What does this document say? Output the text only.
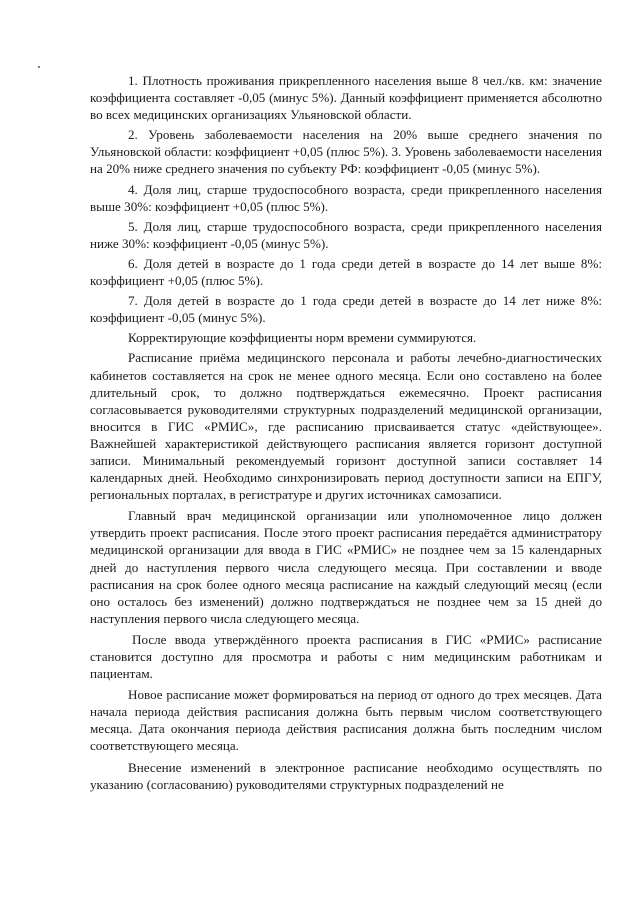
1. Плотность проживания прикрепленного населения выше 8 чел./кв. км: значение коэффициента составляет -0,05 (минус 5%). Данный коэффициент применяется абсолютно во всех медицинских организациях Ульяновской области.

2. Уровень заболеваемости населения на 20% выше среднего значения по Ульяновской области: коэффициент +0,05 (плюс 5%). 3. Уровень заболеваемости населения на 20% ниже среднего значения по субъекту РФ: коэффициент -0,05 (минус 5%).

4. Доля лиц, старше трудоспособного возраста, среди прикрепленного населения выше 30%: коэффициент +0,05 (плюс 5%).

5. Доля лиц, старше трудоспособного возраста, среди прикрепленного населения ниже 30%: коэффициент -0,05 (минус 5%).

6. Доля детей в возрасте до 1 года среди детей в возрасте до 14 лет выше 8%: коэффициент +0,05 (плюс 5%).

7. Доля детей в возрасте до 1 года среди детей в возрасте до 14 лет ниже 8%: коэффициент -0,05 (минус 5%).

Корректирующие коэффициенты норм времени суммируются.

Расписание приёма медицинского персонала и работы лечебно-диагностических кабинетов составляется на срок не менее одного месяца. Если оно составлено на более длительный срок, то должно подтверждаться ежемесячно. Проект расписания согласовывается руководителями структурных подразделений медицинской организации, вносится в ГИС «РМИС», где расписанию присваивается статус «действующее». Важнейшей характеристикой действующего расписания является горизонт доступной записи. Минимальный рекомендуемый горизонт доступной записи составляет 14 календарных дней. Необходимо синхронизировать период доступности записи на ЕПГУ, региональных порталах, в регистратуре и других источниках самозаписи.

Главный врач медицинской организации или уполномоченное лицо должен утвердить проект расписания. После этого проект расписания передаётся администратору медицинской организации для ввода в ГИС «РМИС» не позднее чем за 15 календарных дней до наступления первого числа следующего месяца. При составлении и вводе расписания на срок более одного месяца расписание на каждый следующий месяц (если оно осталось без изменений) должно подтверждаться не позднее чем за 15 дней до наступления первого числа следующего месяца.

После ввода утверждённого проекта расписания в ГИС «РМИС» расписание становится доступно для просмотра и работы с ним медицинским работникам и пациентам.

Новое расписание может формироваться на период от одного до трех месяцев. Дата начала периода действия расписания должна быть первым числом соответствующего месяца. Дата окончания периода действия расписания должна быть последним числом соответствующего месяца.

Внесение изменений в электронное расписание необходимо осуществлять по указанию (согласованию) руководителями структурных подразделений не
